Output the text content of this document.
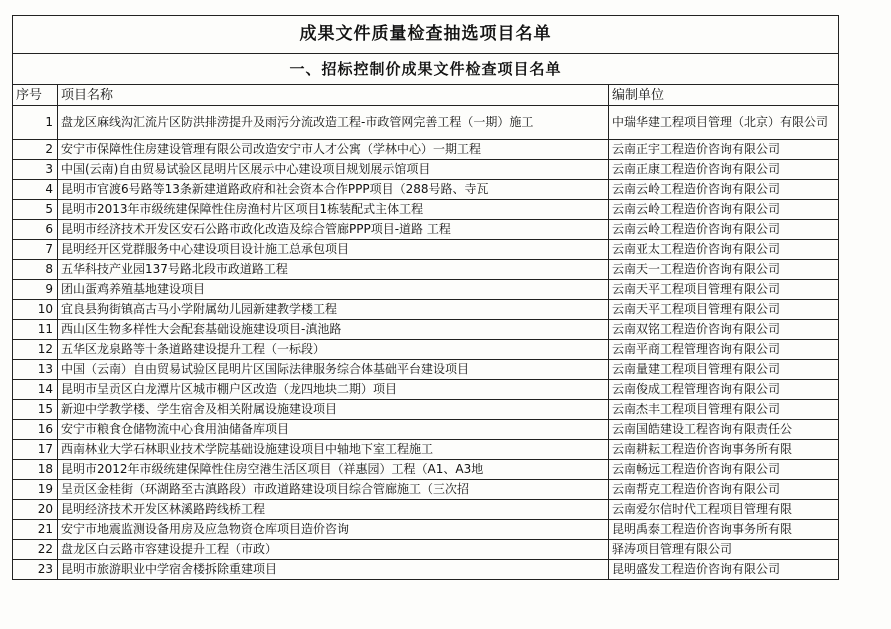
成果文件质量检查抽选项目名单		
一、招标控制价成果文件检查项目名单		
序号	项目名称	编制单位
1	盘龙区麻线沟汇流片区防洪排涝提升及雨污分流改造工程-市政管网完善工程（一期）施工	中瑞华建工程项目管理（北京）有限公司
2	安宁市保障性住房建设管理有限公司改造安宁市人才公寓（学林中心）一期工程	云南正宇工程造价咨询有限公司
3	中国(云南)自由贸易试验区昆明片区展示中心建设项目规划展示馆项目	云南正康工程造价咨询有限公司
4	昆明市官渡6号路等13条新建道路政府和社会资本合作PPP项目（288号路、寺瓦	云南云岭工程造价咨询有限公司
5	昆明市2013年市级统建保障性住房渔村片区项目1栋装配式主体工程	云南云岭工程造价咨询有限公司
6	昆明市经济技术开发区安石公路市政化改造及综合管廊PPP项目-道路 工程	云南云岭工程造价咨询有限公司
7	昆明经开区党群服务中心建设项目设计施工总承包项目	云南亚太工程造价咨询有限公司
8	五华科技产业园137号路北段市政道路工程	云南天一工程造价咨询有限公司
9	团山蛋鸡养殖基地建设项目	云南天平工程项目管理有限公司
10	宜良县狗街镇高古马小学附属幼儿园新建教学楼工程	云南天平工程项目管理有限公司
11	西山区生物多样性大会配套基础设施建设项目-滇池路	云南双铭工程造价咨询有限公司
12	五华区龙泉路等十条道路建设提升工程（一标段）	云南平商工程管理咨询有限公司
13	中国（云南）自由贸易试验区昆明片区国际法律服务综合体基础平台建设项目	云南量建工程项目管理有限公司
14	昆明市呈贡区白龙潭片区城市棚户区改造（龙四地块二期）项目	云南俊成工程管理咨询有限公司
15	新迎中学教学楼、学生宿舍及相关附属设施建设项目	云南杰丰工程项目管理有限公司
16	安宁市粮食仓储物流中心食用油储备库项目	云南国皓建设工程咨询有限责任公
17	西南林业大学石林职业技术学院基础设施建设项目中轴地下室工程施工	云南耕耘工程造价咨询事务所有限
18	昆明市2012年市级统建保障性住房空港生活区项目（祥惠园）工程（A1、A3地	云南畅远工程造价咨询有限公司
19	呈贡区金桂街（环湖路至古滇路段）市政道路建设项目综合管廊施工（三次招	云南帮克工程造价咨询有限公司
20	昆明经济技术开发区林溪路跨线桥工程	云南爱尔信时代工程项目管理有限
21	安宁市地震监测设备用房及应急物资仓库项目造价咨询	昆明禹泰工程造价咨询事务所有限
22	盘龙区白云路市容建设提升工程（市政）	驿涛项目管理有限公司
23	昆明市旅游职业中学宿舍楼拆除重建项目	昆明盛发工程造价咨询有限公司
